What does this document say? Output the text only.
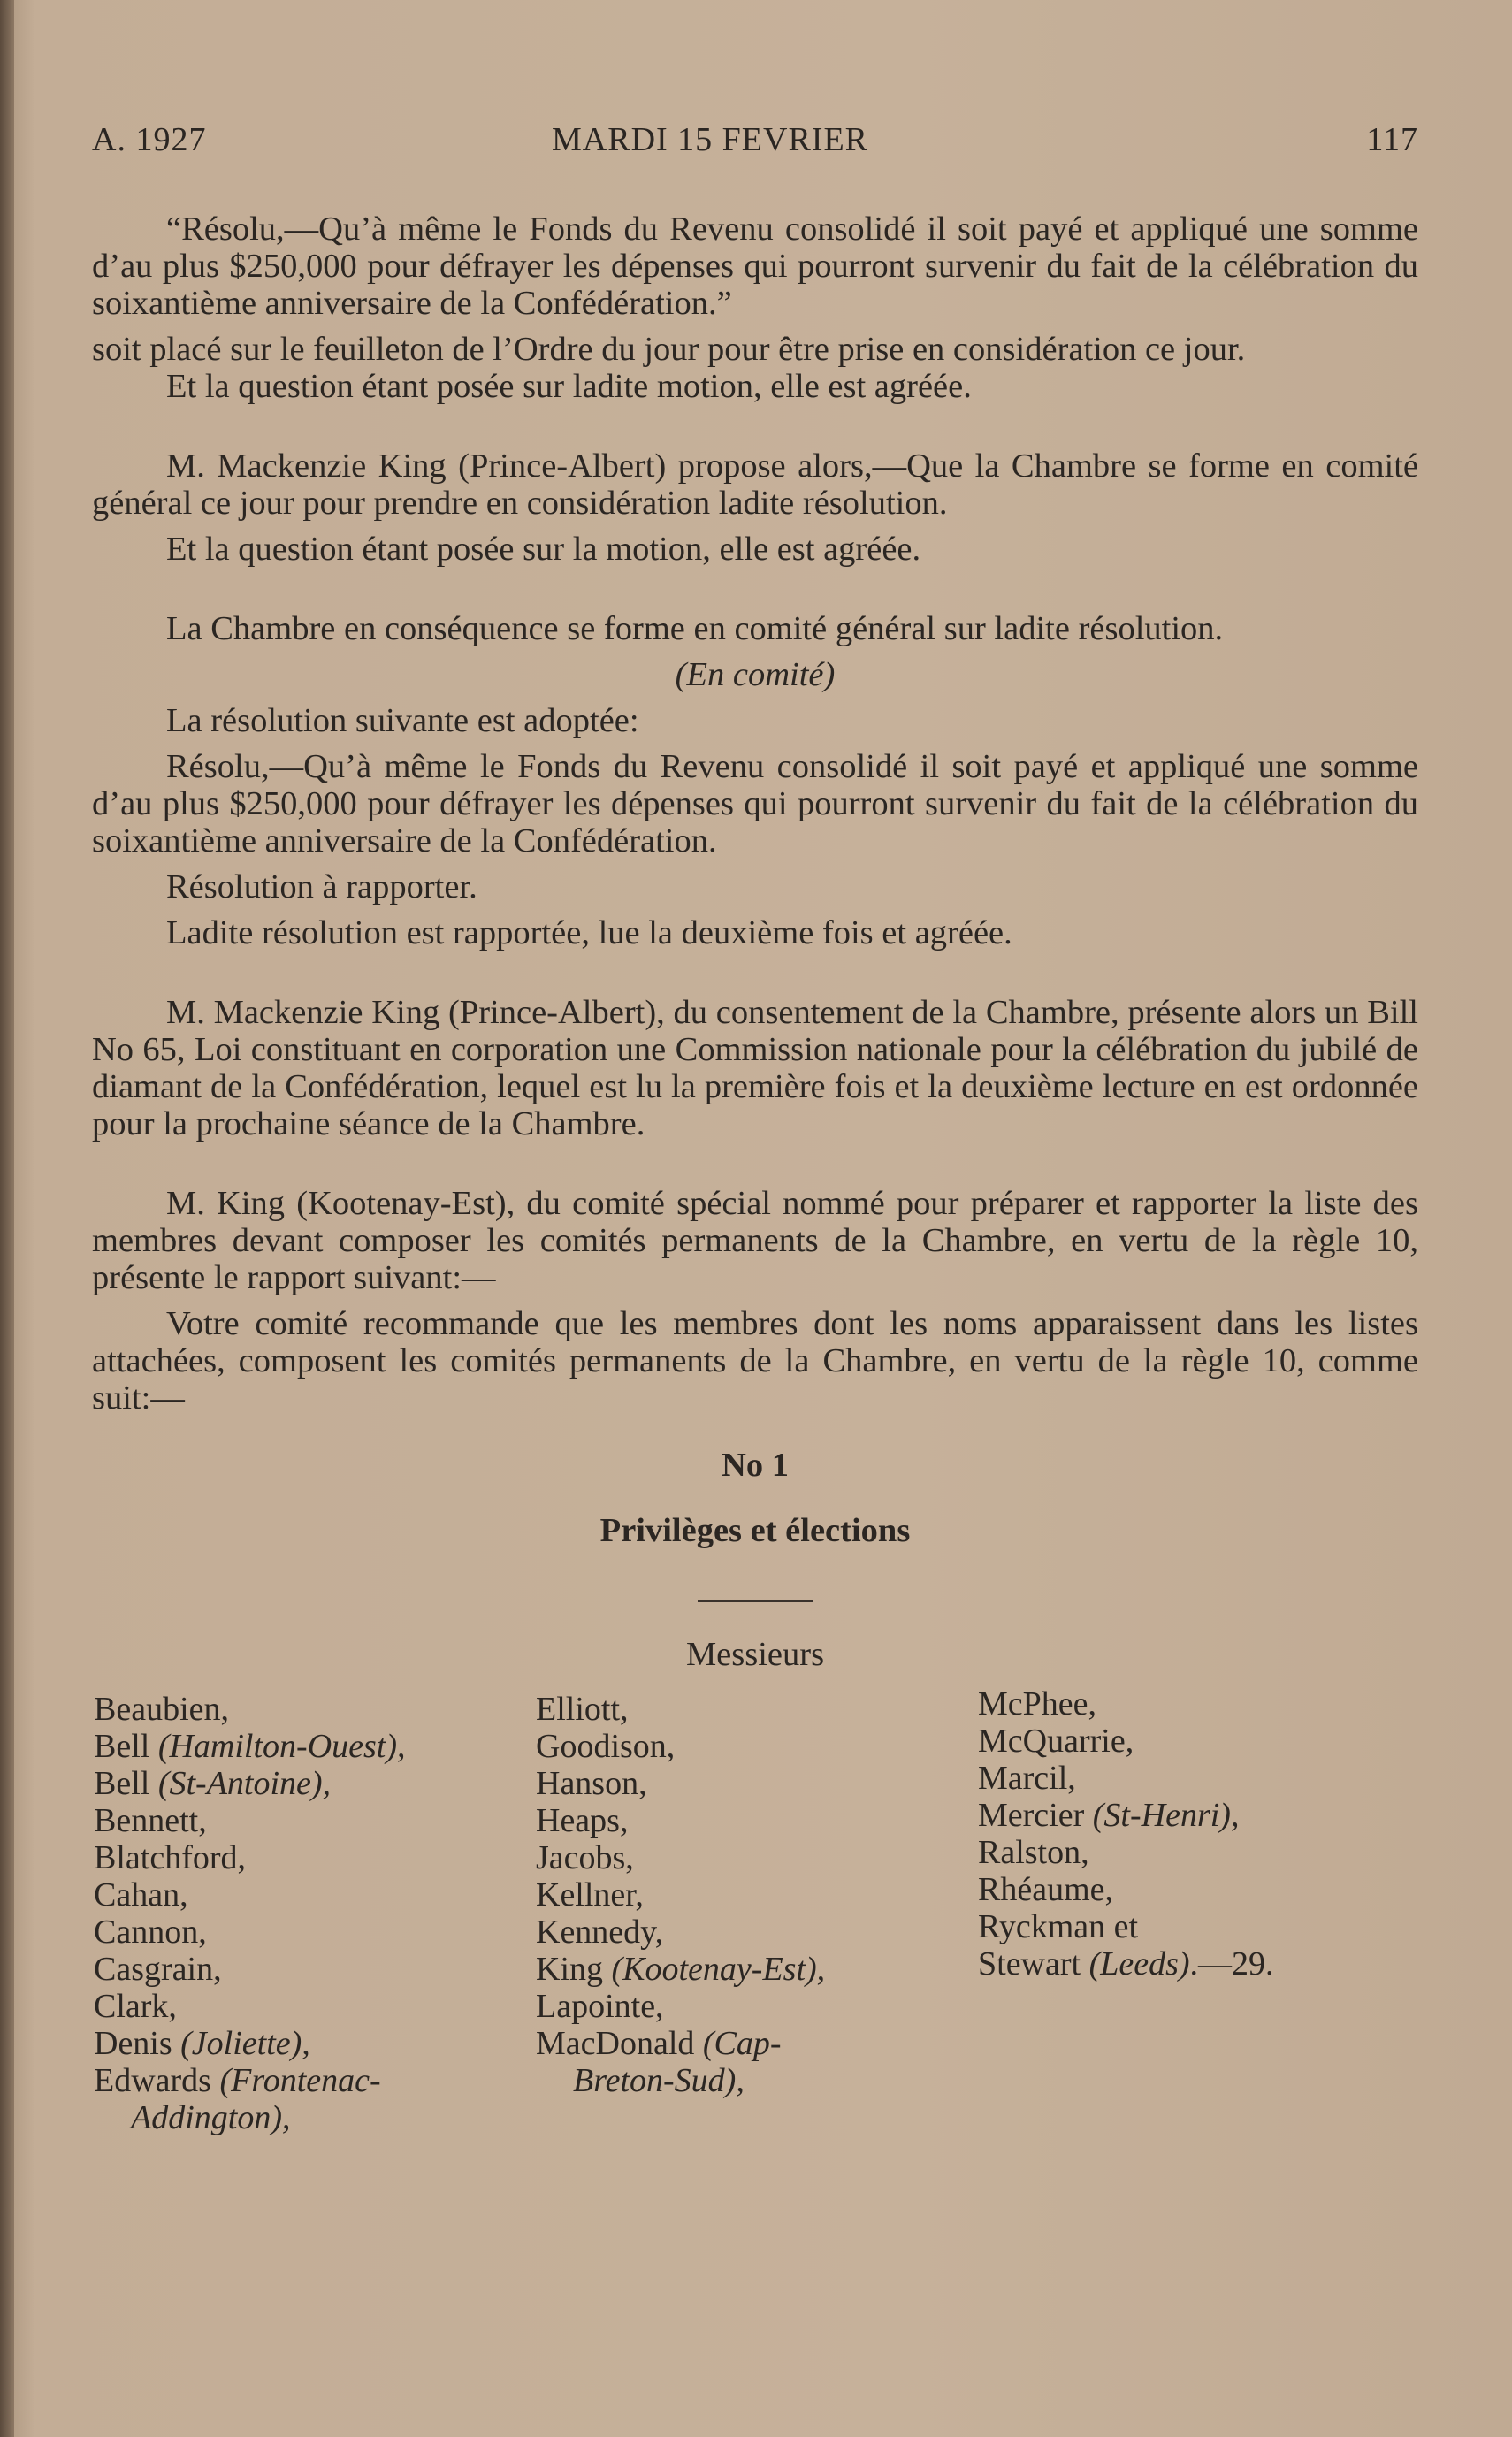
A. 1927	MARDI 15 FEVRIER	117

“Résolu,—Qu’à même le Fonds du Revenu consolidé il soit payé et appliqué une somme d’au plus $250,000 pour défrayer les dépenses qui pourront survenir du fait de la célébration du soixantième anniversaire de la Confédération.”

soit placé sur le feuilleton de l’Ordre du jour pour être prise en considération ce jour.

Et la question étant posée sur ladite motion, elle est agréée.

M. Mackenzie King (Prince-Albert) propose alors,—Que la Chambre se forme en comité général ce jour pour prendre en considération ladite résolution.

Et la question étant posée sur la motion, elle est agréée.

La Chambre en conséquence se forme en comité général sur ladite résolution.

(En comité)

La résolution suivante est adoptée:

Résolu,—Qu’à même le Fonds du Revenu consolidé il soit payé et appliqué une somme d’au plus $250,000 pour défrayer les dépenses qui pourront survenir du fait de la célébration du soixantième anniversaire de la Confédération.

Résolution à rapporter.

Ladite résolution est rapportée, lue la deuxième fois et agréée.

M. Mackenzie King (Prince-Albert), du consentement de la Chambre, présente alors un Bill No 65, Loi constituant en corporation une Commission nationale pour la célébration du jubilé de diamant de la Confédération, lequel est lu la première fois et la deuxième lecture en est ordonnée pour la prochaine séance de la Chambre.

M. King (Kootenay-Est), du comité spécial nommé pour préparer et rapporter la liste des membres devant composer les comités permanents de la Chambre, en vertu de la règle 10, présente le rapport suivant:—

Votre comité recommande que les membres dont les noms apparaissent dans les listes attachées, composent les comités permanents de la Chambre, en vertu de la règle 10, comme suit:—

No 1

Privilèges et élections

Messieurs

Beaubien,
Bell (Hamilton-Ouest),
Bell (St-Antoine),
Bennett,
Blatchford,
Cahan,
Cannon,
Casgrain,
Clark,
Denis (Joliette),
Edwards (Frontenac-
Addington),
Elliott,
Goodison,
Hanson,
Heaps,
Jacobs,
Kellner,
Kennedy,
King (Kootenay-Est),
Lapointe,
MacDonald (Cap-
Breton-Sud),
McPhee,
McQuarrie,
Marcil,
Mercier (St-Henri),
Ralston,
Rhéaume,
Ryckman et
Stewart (Leeds).—29.
